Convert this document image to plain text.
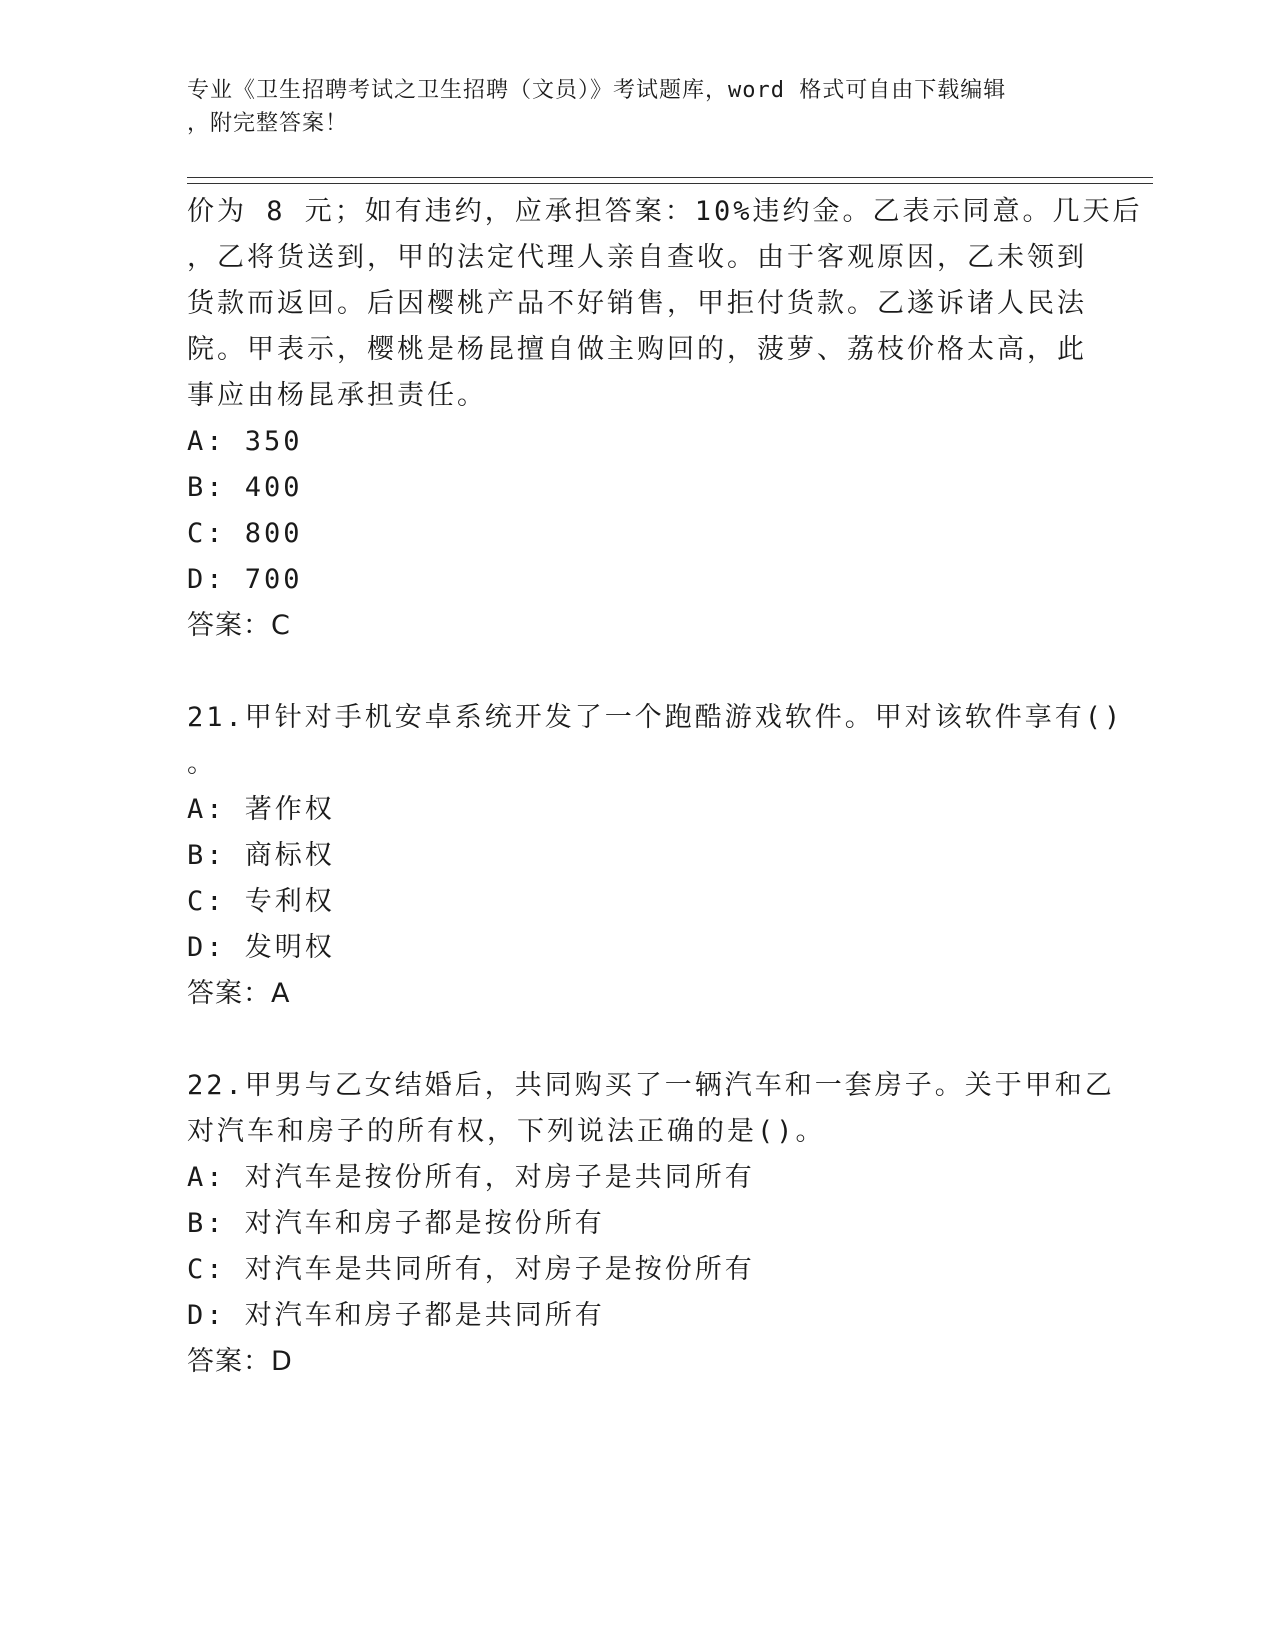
专业《卫生招聘考试之卫生招聘（文员）》考试题库，word 格式可自由下载编辑
，附完整答案！
价为 8 元；如有违约，应承担答案：10%违约金。乙表示同意。几天后
，乙将货送到，甲的法定代理人亲自查收。由于客观原因，乙未领到
货款而返回。后因樱桃产品不好销售，甲拒付货款。乙遂诉诸人民法
院。甲表示，樱桃是杨昆擅自做主购回的，菠萝、荔枝价格太高，此
事应由杨昆承担责任。
A: 350
B: 400
C: 800
D: 700
答案：C
21.甲针对手机安卓系统开发了一个跑酷游戏软件。甲对该软件享有()
。
A: 著作权
B: 商标权
C: 专利权
D: 发明权
答案：A
22.甲男与乙女结婚后，共同购买了一辆汽车和一套房子。关于甲和乙
对汽车和房子的所有权，下列说法正确的是()。
A: 对汽车是按份所有，对房子是共同所有
B: 对汽车和房子都是按份所有
C: 对汽车是共同所有，对房子是按份所有
D: 对汽车和房子都是共同所有
答案：D
